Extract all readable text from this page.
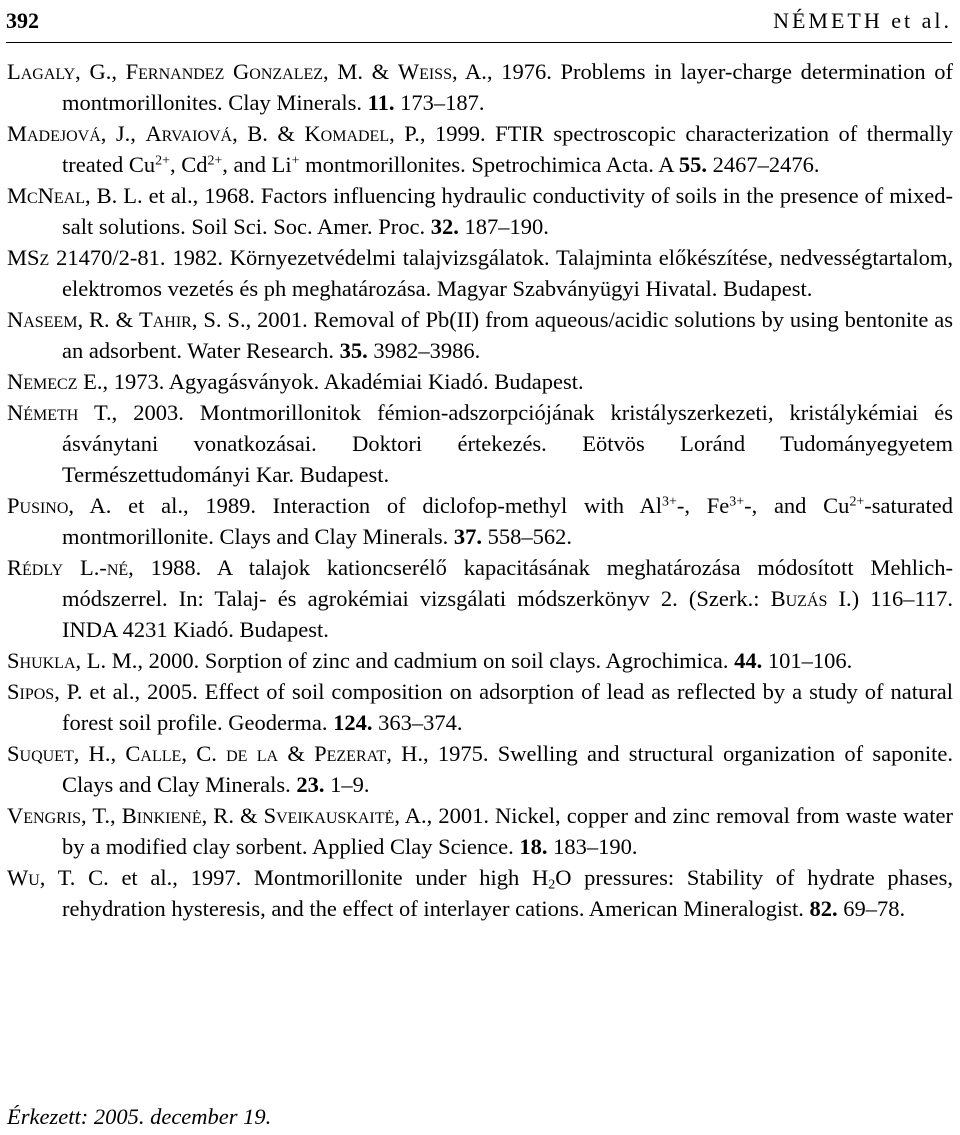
392	NÉMETH et al.
Lagaly, G., Fernandez Gonzalez, M. & Weiss, A., 1976. Problems in layer-charge determination of montmorillonites. Clay Minerals. 11. 173–187.
Madejová, J., Arvaiová, B. & Komadel, P., 1999. FTIR spectroscopic characterization of thermally treated $Cu^{2+}$, $Cd^{2+}$, and Li+ montmorillonites. Spetrochimica Acta. A 55. 2467–2476.
McNeal, B. L. et al., 1968. Factors influencing hydraulic conductivity of soils in the presence of mixed-salt solutions. Soil Sci. Soc. Amer. Proc. 32. 187–190.
MSz 21470/2-81. 1982. Környezetvédelmi talajvizsgálatok. Talajminta előkészítése, nedvességtartalom, elektromos vezetés és ph meghatározása. Magyar Szabványügyi Hivatal. Budapest.
Naseem, R. & Tahir, S. S., 2001. Removal of Pb(II) from aqueous/acidic solutions by using bentonite as an adsorbent. Water Research. 35. 3982–3986.
Nemecz E., 1973. Agyagásványok. Akadémiai Kiadó. Budapest.
Németh T., 2003. Montmorillonitok fémion-adszorpciójának kristályszerkezeti, kristálykémiai és ásványtani vonatkozásai. Doktori értekezés. Eötvös Loránd Tudományegyetem Természettudományi Kar. Budapest.
Pusino, A. et al., 1989. Interaction of diclofop-methyl with $Al^{3+}-$, $Fe^{3+}-$, and $Cu^{2+}$-saturated montmorillonite. Clays and Clay Minerals. 37. 558–562.
Rédly L.-né, 1988. A talajok kationcserélő kapacitásának meghatározása módosított Mehlich-módszerrel. In: Talaj- és agrokémiai vizsgálati módszerkönyv 2. (Szerk.: Buzás I.) 116–117. INDA 4231 Kiadó. Budapest.
Shukla, L. M., 2000. Sorption of zinc and cadmium on soil clays. Agrochimica. 44. 101–106.
Sipos, P. et al., 2005. Effect of soil composition on adsorption of lead as reflected by a study of natural forest soil profile. Geoderma. 124. 363–374.
Suquet, H., Calle, C. de la & Pezerat, H., 1975. Swelling and structural organization of saponite. Clays and Clay Minerals. 23. 1–9.
Vengris, T., Binkienė, R. & Sveikauskaitė, A., 2001. Nickel, copper and zinc removal from waste water by a modified clay sorbent. Applied Clay Science. 18. 183–190.
Wu, T. C. et al., 1997. Montmorillonite under high $H_2O$ pressures: Stability of hydrate phases, rehydration hysteresis, and the effect of interlayer cations. American Mineralogist. 82. 69–78.
Érkezett: 2005. december 19.
